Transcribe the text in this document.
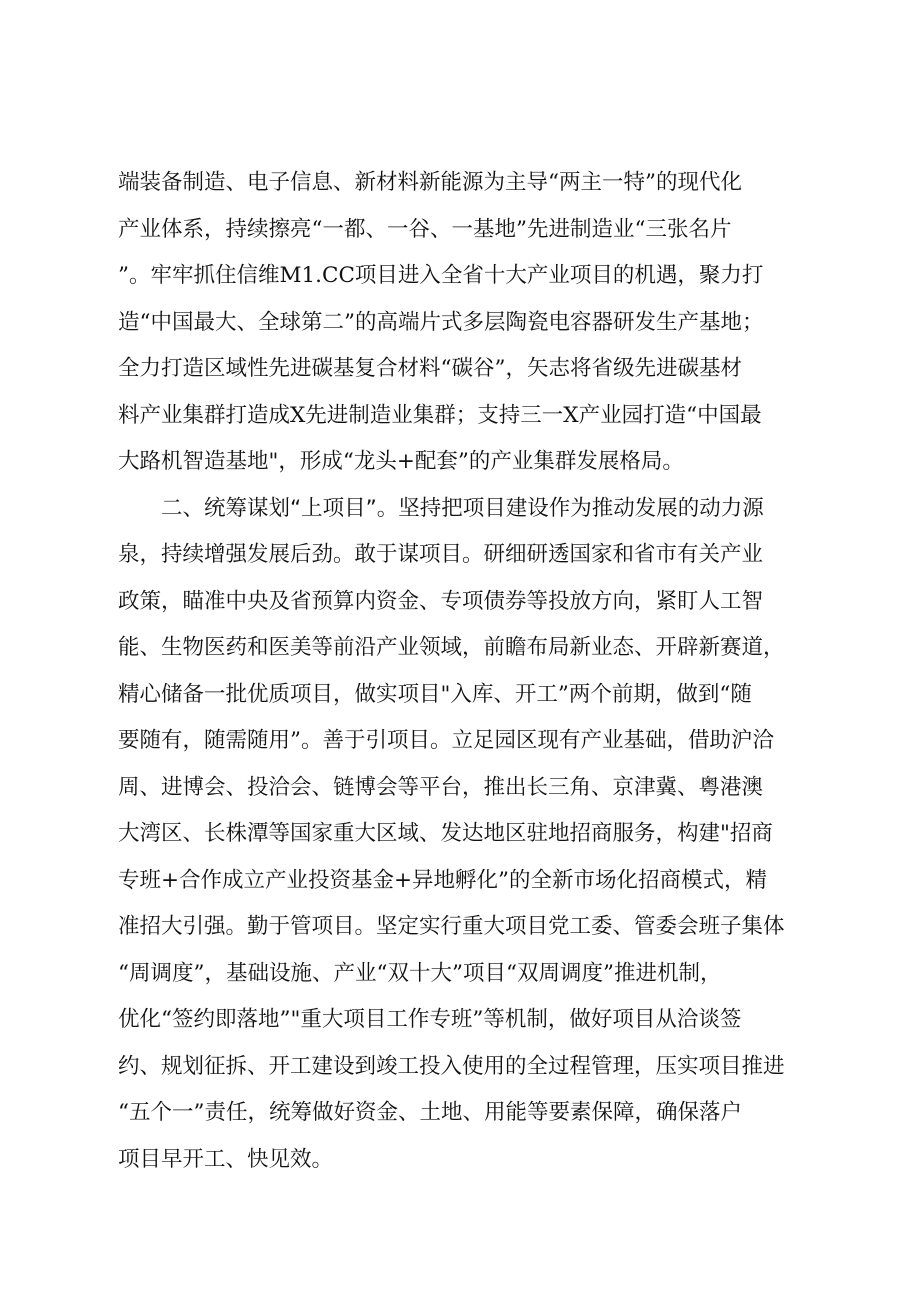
端装备制造、电子信息、新材料新能源为主导“两主一特”的现代化
产业体系，持续擦亮“一都、一谷、一基地”先进制造业“三张名片
”。牢牢抓住信维M1.CC项目进入全省十大产业项目的机遇，聚力打
造“中国最大、全球第二”的高端片式多层陶瓷电容器研发生产基地；
全力打造区域性先进碳基复合材料“碳谷”，矢志将省级先进碳基材
料产业集群打造成X先进制造业集群；支持三一X产业园打造“中国最
大路机智造基地"，形成“龙头+配套”的产业集群发展格局。
二、统筹谋划“上项目”。坚持把项目建设作为推动发展的动力源
泉，持续增强发展后劲。敢于谋项目。研细研透国家和省市有关产业
政策，瞄准中央及省预算内资金、专项债券等投放方向，紧盯人工智
能、生物医药和医美等前沿产业领域，前瞻布局新业态、开辟新赛道，
精心储备一批优质项目，做实项目"入库、开工”两个前期，做到“随
要随有，随需随用”。善于引项目。立足园区现有产业基础，借助沪洽
周、进博会、投洽会、链博会等平台，推出长三角、京津冀、粤港澳
大湾区、长株潭等国家重大区域、发达地区驻地招商服务，构建"招商
专班+合作成立产业投资基金+异地孵化”的全新市场化招商模式，精
准招大引强。勤于管项目。坚定实行重大项目党工委、管委会班子集体
“周调度”，基础设施、产业“双十大”项目“双周调度”推进机制，
优化“签约即落地”"重大项目工作专班”等机制，做好项目从洽谈签
约、规划征拆、开工建设到竣工投入使用的全过程管理，压实项目推进
“五个一”责任，统筹做好资金、土地、用能等要素保障，确保落户
项目早开工、快见效。
